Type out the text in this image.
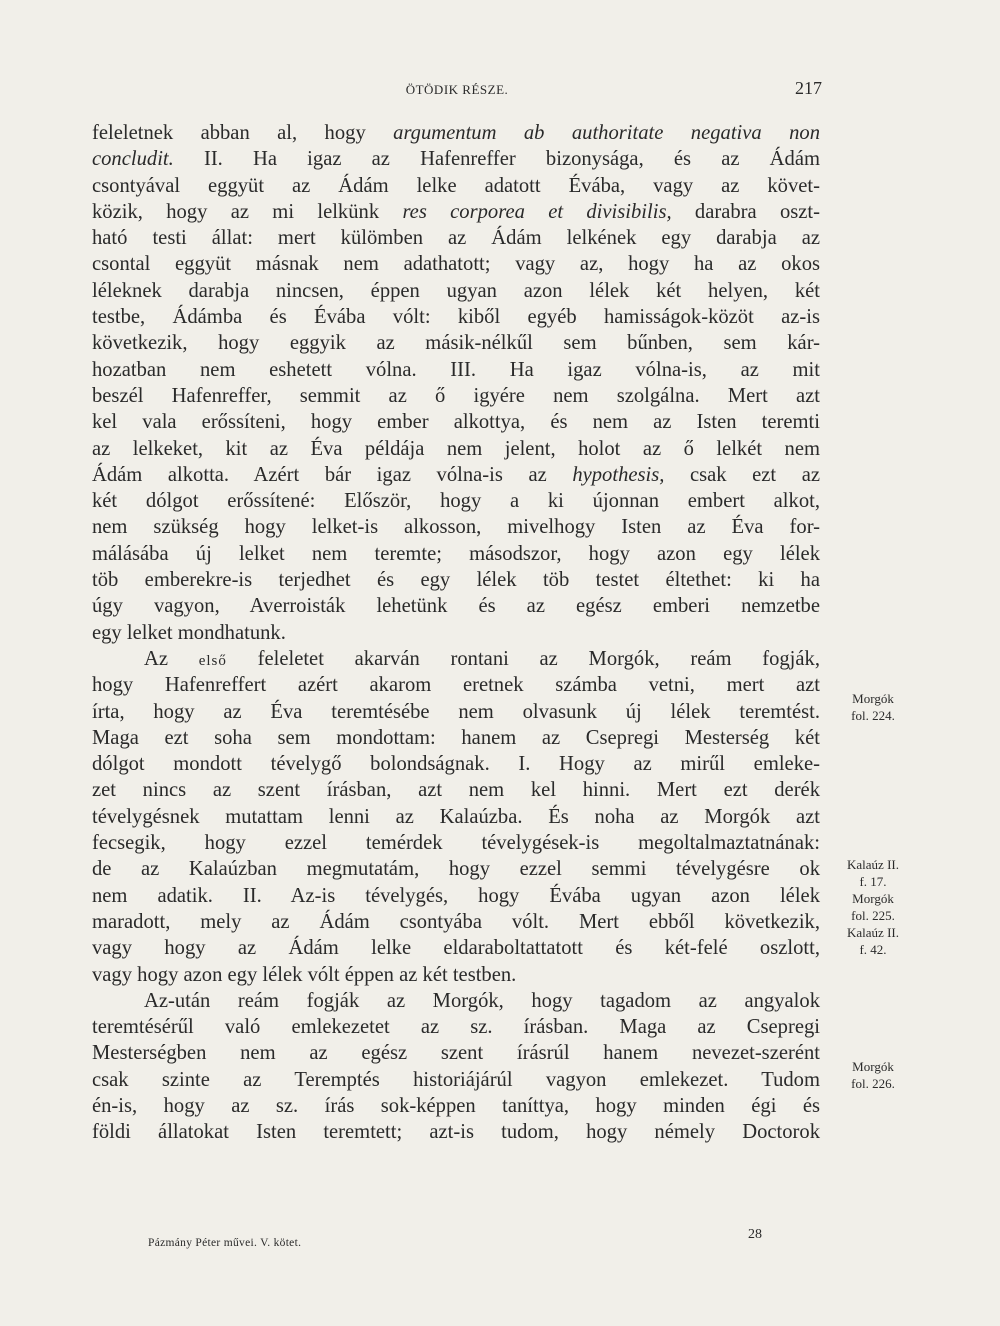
ÖTÖDIK RÉSZE.	217
feleletnek abban al, hogy argumentum ab authoritate negativa non
concludit. II. Ha igaz az Hafenreffer bizonysága, és az Ádám
csontyával eggyüt az Ádám lelke adatott Évába, vagy az követ-
közik, hogy az mi lelkünk res corporea et divisibilis, darabra oszt-
ható testi állat: mert külömben az Ádám lelkének egy darabja az
csontal eggyüt másnak nem adathatott; vagy az, hogy ha az okos
léleknek darabja nincsen, éppen ugyan azon lélek két helyen, két
testbe, Ádámba és Évába vólt: kiből egyéb hamisságok-közöt az-is
következik, hogy eggyik az másik-nélkűl sem bűnben, sem kár-
hozatban nem eshetett vólna. III. Ha igaz vólna-is, az mit
beszél Hafenreffer, semmit az ő igyére nem szolgálna. Mert azt
kel vala erőssíteni, hogy ember alkottya, és nem az Isten teremti
az lelkeket, kit az Éva példája nem jelent, holot az ő lelkét nem
Ádám alkotta. Azért bár igaz vólna-is az hypothesis, csak ezt az
két dólgot erőssítené: Először, hogy a ki újonnan embert alkot,
nem szükség hogy lelket-is alkosson, mivelhogy Isten az Éva for-
málásába új lelket nem teremte; másodszor, hogy azon egy lélek
töb emberekre-is terjedhet és egy lélek töb testet éltethet: ki ha
úgy vagyon, Averroisták lehetünk és az egész emberi nemzetbe
egy lelket mondhatunk.
Az első feleletet akarván rontani az Morgók, reám fogják,
hogy Hafenreffert azért akarom eretnek számba vetni, mert azt
írta, hogy az Éva teremtésébe nem olvasunk új lélek teremtést.
Maga ezt soha sem mondottam: hanem az Csepregi Mesterség két
dólgot mondott tévelygő bolondságnak. I. Hogy az mirűl emleke-
zet nincs az szent írásban, azt nem kel hinni. Mert ezt derék
tévelygésnek mutattam lenni az Kalaúzba. És noha az Morgók azt
fecsegik, hogy ezzel temérdek tévelygések-is megoltalmaztatnának:
de az Kalaúzban megmutatám, hogy ezzel semmi tévelygésre ok
nem adatik. II. Az-is tévelygés, hogy Évába ugyan azon lélek
maradott, mely az Ádám csontyába vólt. Mert ebből következik,
vagy hogy az Ádám lelke eldaraboltattatott és két-felé oszlott,
vagy hogy azon egy lélek vólt éppen az két testben.
Az-után reám fogják az Morgók, hogy tagadom az angyalok
teremtésérűl való emlekezetet az sz. írásban. Maga az Csepregi
Mesterségben nem az egész szent írásrúl hanem nevezet-szerént
csak szinte az Teremptés historiájárúl vagyon emlekezet. Tudom
én-is, hogy az sz. írás sok-képpen taníttya, hogy minden égi és
földi állatokat Isten teremtett; azt-is tudom, hogy némely Doctorok
Morgók
fol. 224.
Kalaúz II.
f. 17.
Morgók
fol. 225.
Kalaúz II.
f. 42.
Morgók
fol. 226.
Pázmány Péter művei. V. kötet.
28
